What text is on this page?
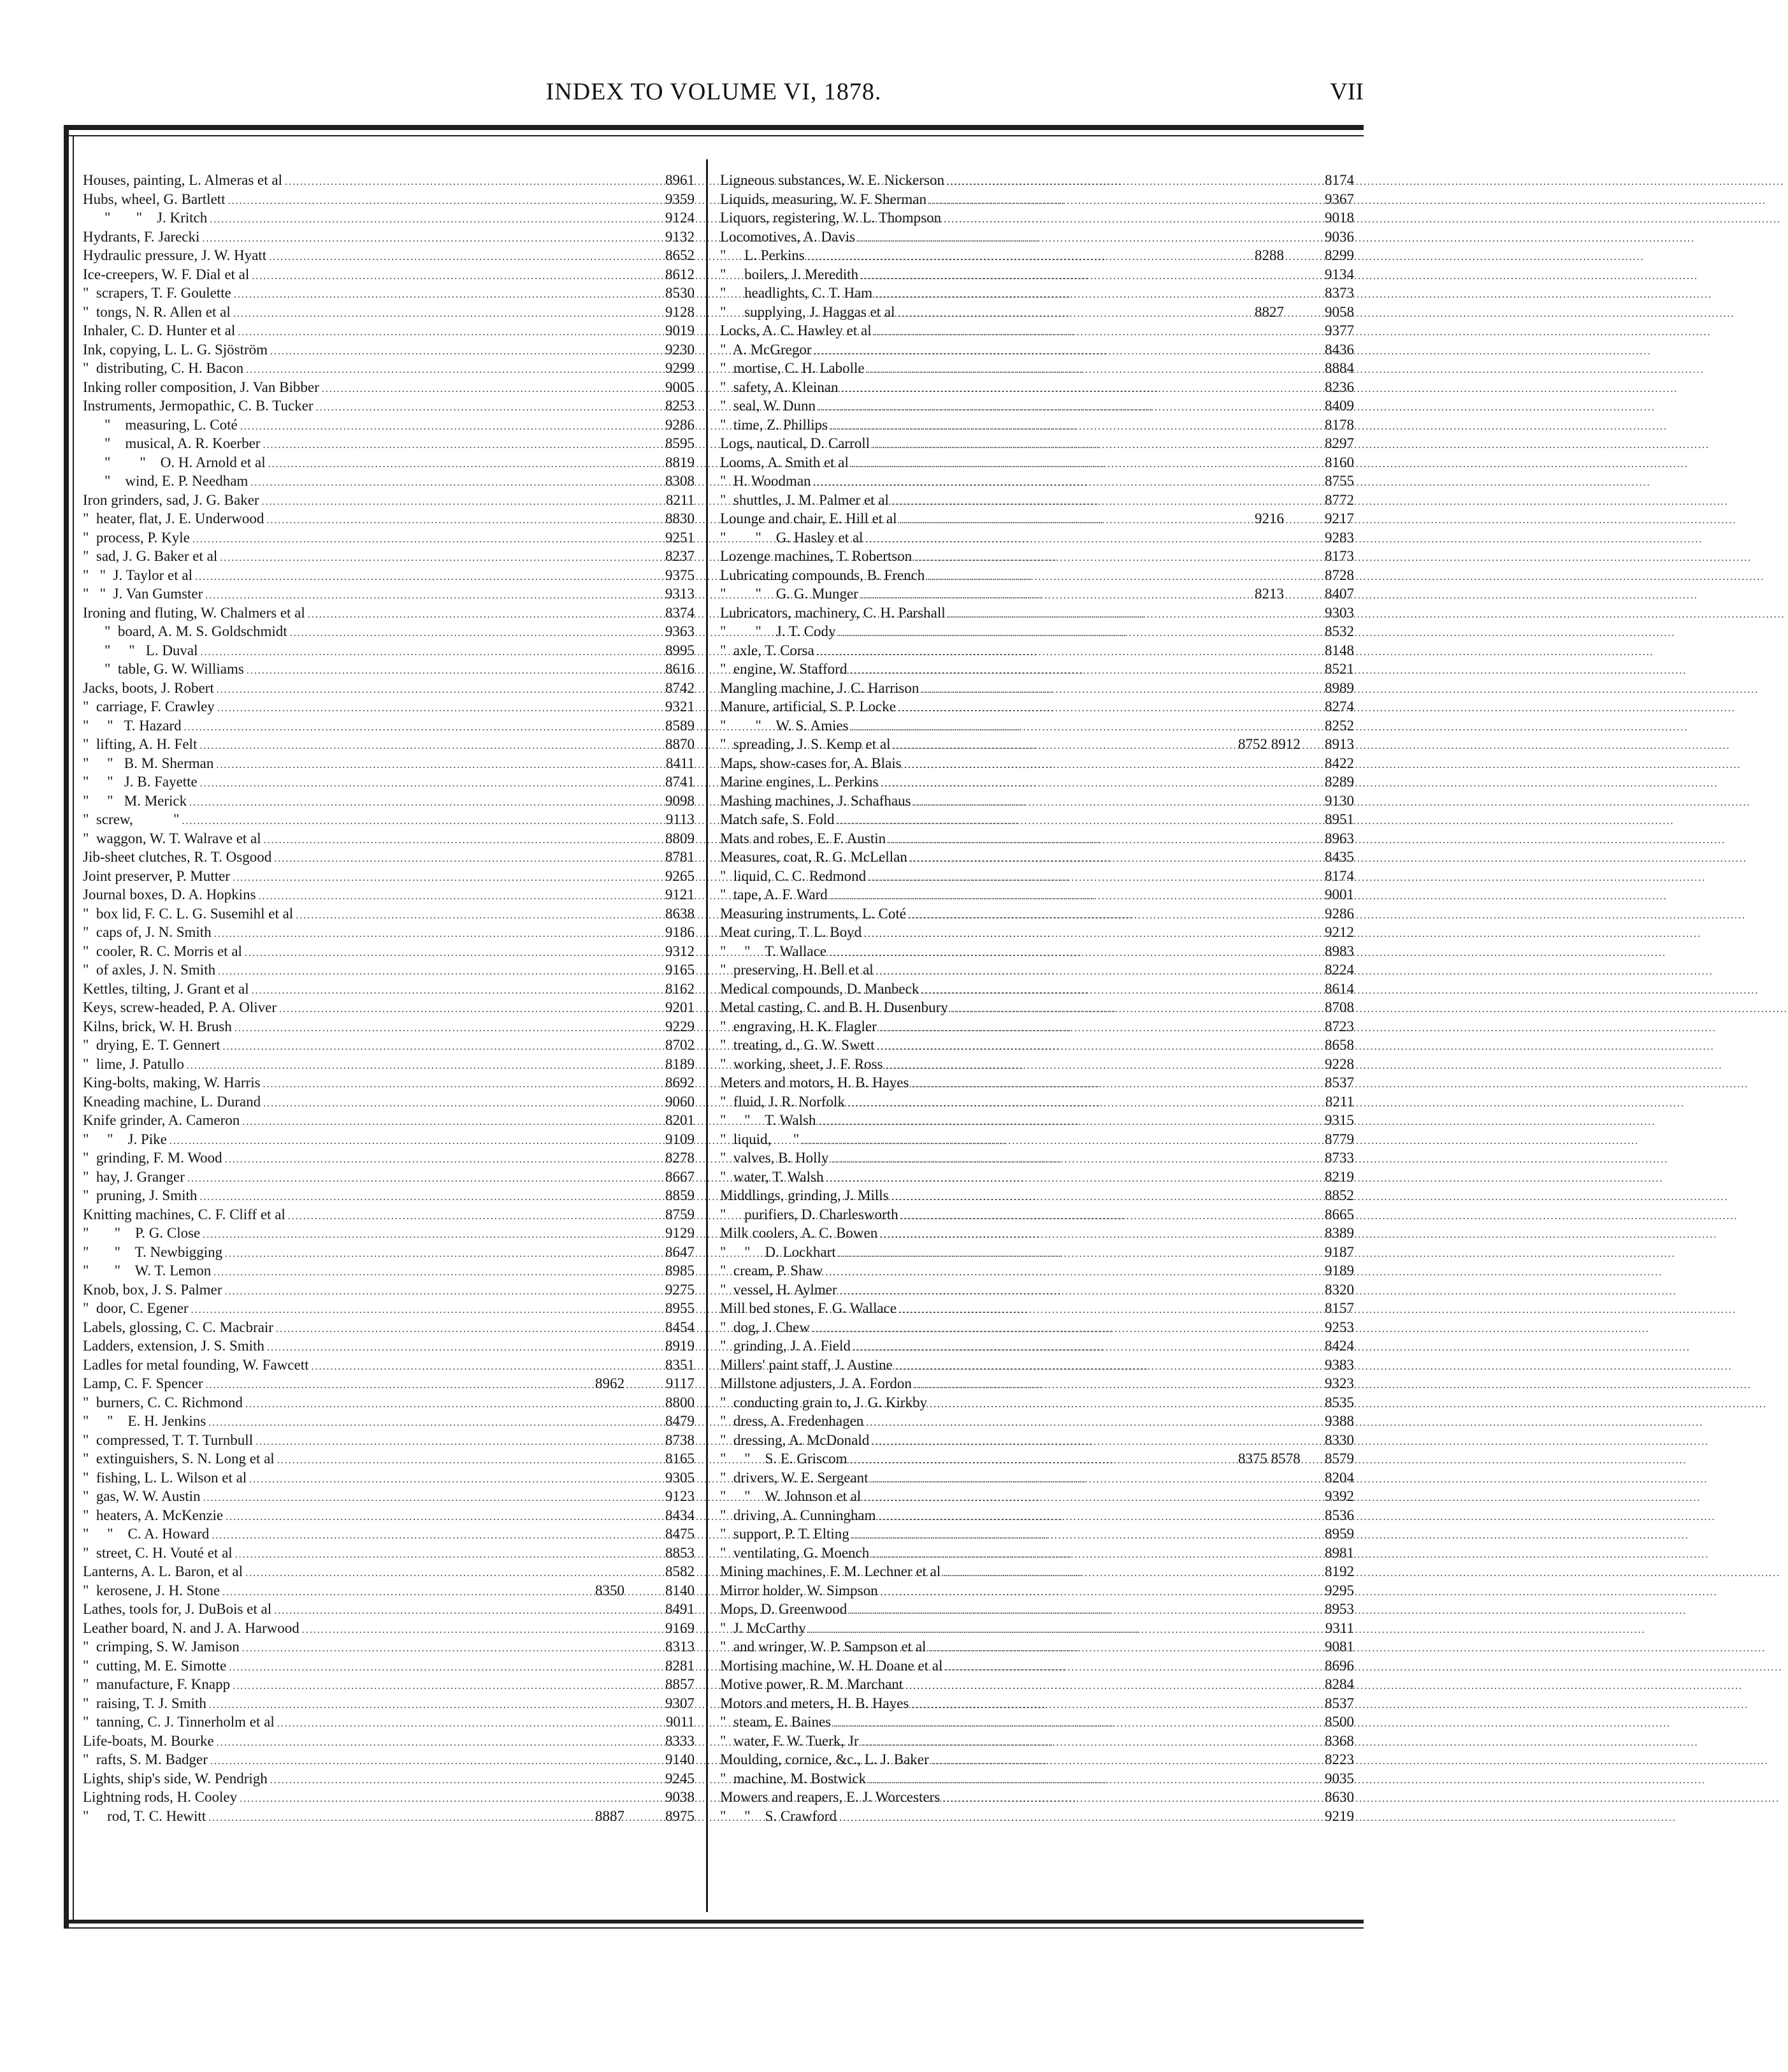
INDEX TO VOLUME VI, 1878.	VII
Houses, painting, L. Almeras et al .....	8961
Hubs, wheel, G. Bartlett .....	9359
"       "    J. Kritch .....	9124
Hydrants, F. Jarecki .....	9132
Hydraulic pressure, J. W. Hyatt .....	8652
Ice-creepers, W. F. Dial et al .....	8612
"  scrapers, T. F. Goulette .....	8530
"  tongs, N. R. Allen et al .....	9128
Inhaler, C. D. Hunter et al .....	9019
Ink, copying, L. L. G. Sjöström .....	9230
"  distributing, C. H. Bacon .....	9299
Inking roller composition, J. Van Bibber .....	9005
Instruments, Jermopathic, C. B. Tucker .....	8253
"    measuring, L. Coté .....	9286
"    musical, A. R. Koerber .....	8595
"        "    O. H. Arnold et al .....	8819
"    wind, E. P. Needham .....	8308
Iron grinders, sad, J. G. Baker .....	8211
"  heater, flat, J. E. Underwood .....	8830
"  process, P. Kyle .....	9251
"  sad, J. G. Baker et al .....	8237
"   "  J. Taylor et al .....	9375
"   "  J. Van Gumster .....	9313
Ironing and fluting, W. Chalmers et al .....	8374
"  board, A. M. S. Goldschmidt .....	9363
"     "   L. Duval .....	8995
"  table, G. W. Williams .....	8616
Jacks, boots, J. Robert .....	8742
"  carriage, F. Crawley .....	9321
"     "   T. Hazard .....	8589
"  lifting, A. H. Felt .....	8870
"     "   B. M. Sherman .....	8411
"     "   J. B. Fayette .....	8741
"     "   M. Merick .....	9098
"  screw,           " .....	9113
"  waggon, W. T. Walrave et al .....	8809
Jib-sheet clutches, R. T. Osgood .....	8781
Joint preserver, P. Mutter .....	9265
Journal boxes, D. A. Hopkins .....	9121
"  box lid, F. C. L. G. Susemihl et al .....	8638
"  caps of, J. N. Smith .....	9186
"  cooler, R. C. Morris et al .....	9312
"  of axles, J. N. Smith .....	9165
Kettles, tilting, J. Grant et al .....	8162
Keys, screw-headed, P. A. Oliver .....	9201
Kilns, brick, W. H. Brush .....	9229
"  drying, E. T. Gennert .....	8702
"  lime, J. Patullo .....	8189
King-bolts, making, W. Harris .....	8692
Kneading machine, L. Durand .....	9060
Knife grinder, A. Cameron .....	8201
"     "    J. Pike .....	9109
"  grinding, F. M. Wood .....	8278
"  hay, J. Granger .....	8667
"  pruning, J. Smith .....	8859
Knitting machines, C. F. Cliff et al .....	8759
"       "    P. G. Close .....	9129
"       "    T. Newbigging .....	8647
"       "    W. T. Lemon .....	8985
Knob, box, J. S. Palmer .....	9275
"  door, C. Egener .....	8955
Labels, glossing, C. C. Macbrair .....	8454
Ladders, extension, J. S. Smith .....	8919
Ladles for metal founding, W. Fawcett .....	8351
Lamp, C. F. Spencer .....	8962	9117
"  burners, C. C. Richmond .....	8800
"     "    E. H. Jenkins .....	8479
"  compressed, T. T. Turnbull .....	8738
"  extinguishers, S. N. Long et al .....	8165
"  fishing, L. L. Wilson et al .....	9305
"  gas, W. W. Austin .....	9123
"  heaters, A. McKenzie .....	8434
"     "    C. A. Howard .....	8475
"  street, C. H. Vouté et al .....	8853
Lanterns, A. L. Baron, et al .....	8582
"  kerosene, J. H. Stone .....	8350	8140
Lathes, tools for, J. DuBois et al .....	8491
Leather board, N. and J. A. Harwood .....	9169
"  crimping, S. W. Jamison .....	8313
"  cutting, M. E. Simotte .....	8281
"  manufacture, F. Knapp .....	8857
"  raising, T. J. Smith .....	9307
"  tanning, C. J. Tinnerholm et al .....	9011
Life-boats, M. Bourke .....	8333
"  rafts, S. M. Badger .....	9140
Lights, ship's side, W. Pendrigh .....	9245
Lightning rods, H. Cooley .....	9038
"     rod, T. C. Hewitt .....	8887	8975
Ligneous substances, W. E. Nickerson .....	8174
Liquids, measuring, W. F. Sherman .....	9367
Liquors, registering, W. L. Thompson .....	9018
Locomotives, A. Davis .....	9036
"     L. Perkins .....	8288	8299
"     boilers, J. Meredith .....	9134
"     headlights, C. T. Ham .....	8373
"     supplying, J. Haggas et al .....	8827	9058
Locks, A. C. Hawley et al .....	9377
"  A. McGregor .....	8436
"  mortise, C. H. Labolle .....	8884
"  safety, A. Kleinan .....	8236
"  seal, W. Dunn .....	8409
"  time, Z. Phillips .....	8178
Logs, nautical, D. Carroll .....	8297
Looms, A. Smith et al .....	8160
"  H. Woodman .....	8755
"  shuttles, J. M. Palmer et al .....	8772
Lounge and chair, E. Hill et al .....	9216	9217
"        "    G. Hasley et al .....	9283
Lozenge machines, T. Robertson .....	8173
Lubricating compounds, B. French .....	8728
"        "    G. G. Munger .....	8213	8407
Lubricators, machinery, C. H. Parshall .....	9303
"        "    J. T. Cody .....	8532
"  axle, T. Corsa .....	8148
"  engine, W. Stafford .....	8521
Mangling machine, J. C. Harrison .....	8989
Manure, artificial, S. P. Locke .....	8274
"        "    W. S. Amies .....	8252
"  spreading, J. S. Kemp et al .....	8752 8912	8913
Maps, show-cases for, A. Blais .....	8422
Marine engines, L. Perkins .....	8289
Mashing machines, J. Schafhaus .....	9130
Match safe, S. Fold .....	8951
Mats and robes, E. F. Austin .....	8963
Measures, coat, R. G. McLellan .....	8435
"  liquid, C. C. Redmond .....	8174
"  tape, A. F. Ward .....	9001
Measuring instruments, L. Coté .....	9286
Meat curing, T. L. Boyd .....	9212
"     "    T. Wallace .....	8983
"  preserving, H. Bell et al .....	8224
Medical compounds, D. Manbeck .....	8614
Metal casting, C. and B. H. Dusenbury .....	8708
"  engraving, H. K. Flagler .....	8723
"  treating, d., G. W. Swett .....	8658
"  working, sheet, J. F. Ross .....	9228
Meters and motors, H. B. Hayes .....	8537
"  fluid, J. R. Norfolk .....	8211
"     "    T. Walsh .....	9315
"  liquid,      " .....	8779
"  valves, B. Holly .....	8733
"  water, T. Walsh .....	8219
Middlings, grinding, J. Mills .....	8852
"     purifiers, D. Charlesworth .....	8665
Milk coolers, A. C. Bowen .....	8389
"     "    D. Lockhart .....	9187
"  cream, P. Shaw .....	9189
"  vessel, H. Aylmer .....	8320
Mill bed stones, F. G. Wallace .....	8157
"  dog, J. Chew .....	9253
"  grinding, J. A. Field .....	8424
Millers' paint staff, J. Austine .....	9383
Millstone adjusters, J. A. Fordon .....	9323
"  conducting grain to, J. G. Kirkby .....	8535
"  dress, A. Fredenhagen .....	9388
"  dressing, A. McDonald .....	8330
"     "    S. E. Griscom .....	8375 8578	8579
"  drivers, W. E. Sergeant .....	8204
"     "    W. Johnson et al .....	9392
"  driving, A. Cunningham .....	8536
"  support, P. T. Elting .....	8959
"  ventilating, G. Moench .....	8981
Mining machines, F. M. Lechner et al .....	8192
Mirror holder, W. Simpson .....	9295
Mops, D. Greenwood .....	8953
"  J. McCarthy .....	9311
"  and wringer, W. P. Sampson et al .....	9081
Mortising machine, W. H. Doane et al .....	8696
Motive power, R. M. Marchant .....	8284
Motors and meters, H. B. Hayes .....	8537
"  steam, E. Baines .....	8500
"  water, F. W. Tuerk, Jr .....	8368
Moulding, cornice, &c., L. J. Baker .....	8223
"  machine, M. Bostwick .....	9035
Mowers and reapers, E. J. Worcesters .....	8630
"     "    S. Crawford .....	9219
